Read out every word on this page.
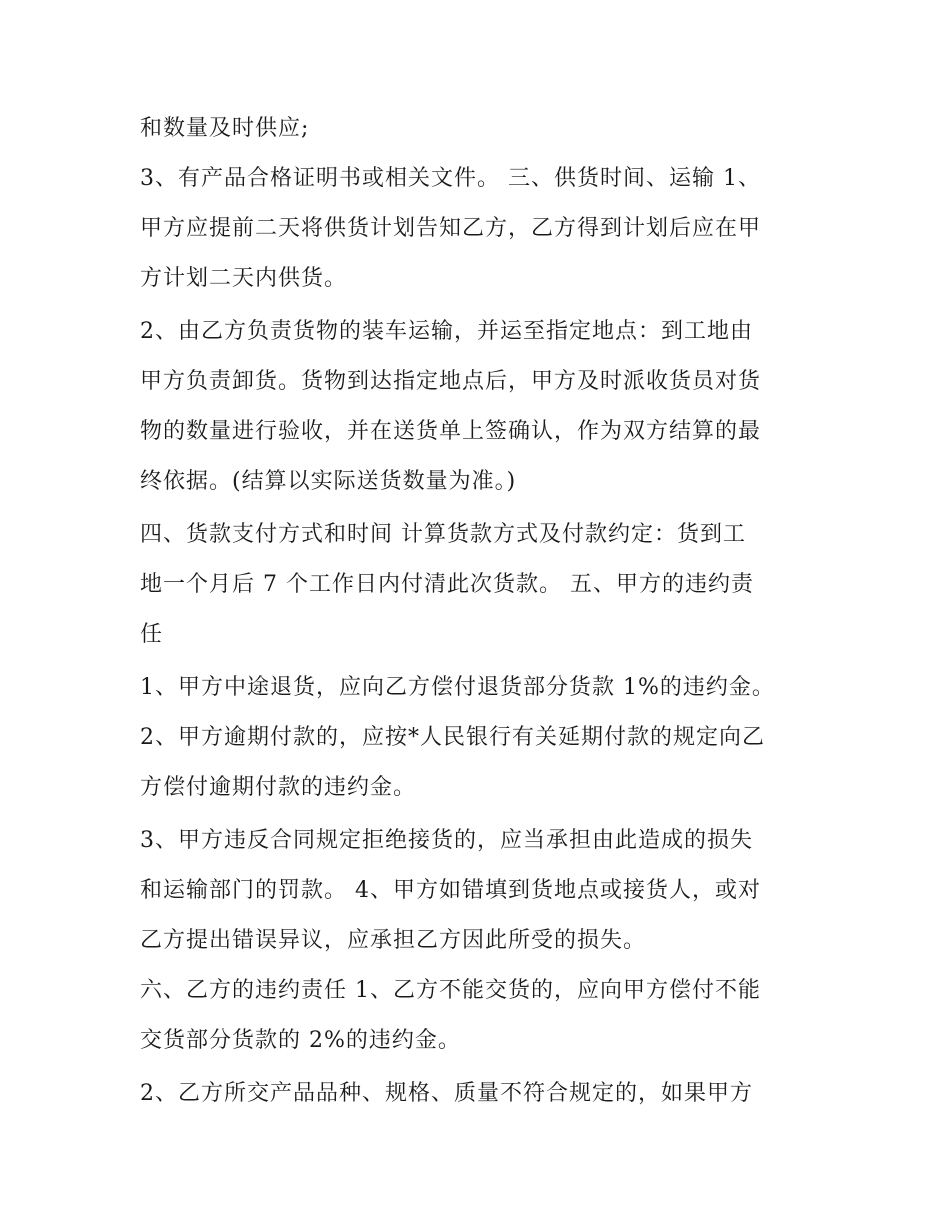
和数量及时供应;
3、有产品合格证明书或相关文件。 三、供货时间、运输 1、
甲方应提前二天将供货计划告知乙方，乙方得到计划后应在甲
方计划二天内供货。
2、由乙方负责货物的装车运输，并运至指定地点：到工地由
甲方负责卸货。货物到达指定地点后，甲方及时派收货员对货
物的数量进行验收，并在送货单上签确认，作为双方结算的最
终依据。(结算以实际送货数量为准。)
四、货款支付方式和时间 计算货款方式及付款约定：货到工
地一个月后 7 个工作日内付清此次货款。 五、甲方的违约责
任
1、甲方中途退货，应向乙方偿付退货部分货款 1%的违约金。
2、甲方逾期付款的，应按*人民银行有关延期付款的规定向乙
方偿付逾期付款的违约金。
3、甲方违反合同规定拒绝接货的，应当承担由此造成的损失
和运输部门的罚款。 4、甲方如错填到货地点或接货人，或对
乙方提出错误异议，应承担乙方因此所受的损失。
六、乙方的违约责任 1、乙方不能交货的，应向甲方偿付不能
交货部分货款的 2%的违约金。
2、乙方所交产品品种、规格、质量不符合规定的，如果甲方
